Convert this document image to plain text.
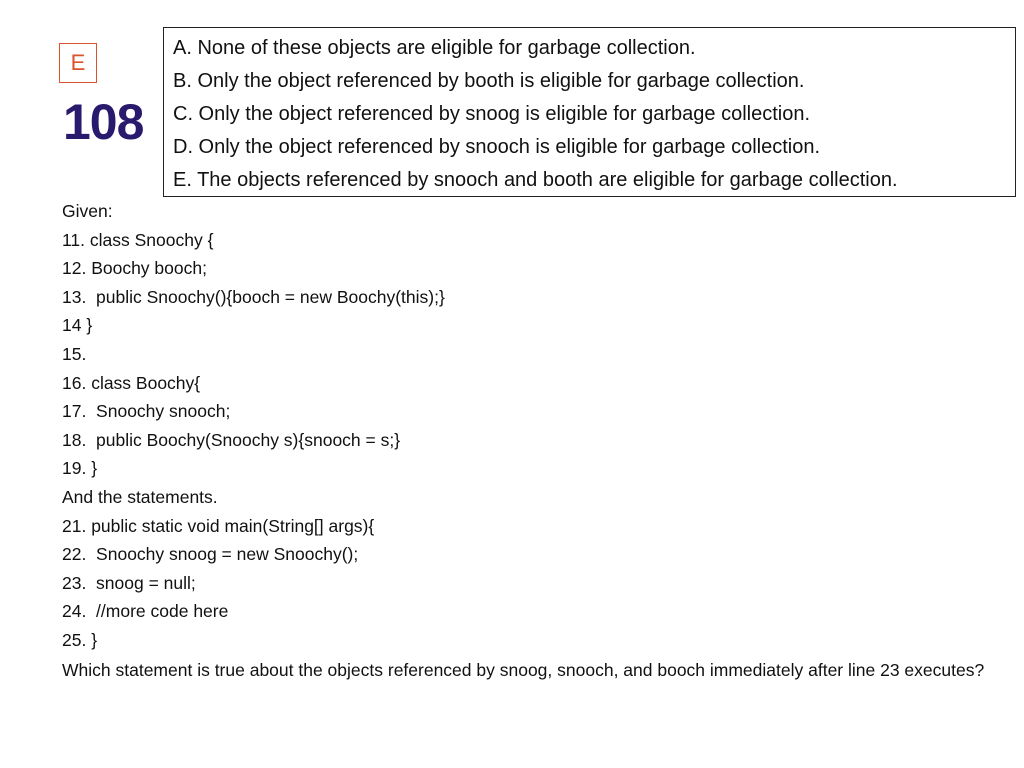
E
108
A. None of these objects are eligible for garbage collection.
B. Only the object referenced by booth is eligible for garbage collection.
C. Only the object referenced by snoog is eligible for garbage collection.
D. Only the object referenced by snooch is eligible for garbage collection.
E. The objects referenced by snooch and booth are eligible for garbage collection.
Given:
11. class Snoochy {
12. Boochy booch;
13.  public Snoochy(){booch = new Boochy(this);}
14 }
15.
16. class Boochy{
17.  Snoochy snooch;
18.  public Boochy(Snoochy s){snooch = s;}
19. }
And the statements.
21. public static void main(String[] args){
22.  Snoochy snoog = new Snoochy();
23.  snoog = null;
24.  //more code here
25. }
Which statement is true about the objects referenced by snoog, snooch, and booch immediately after line 23 executes?
